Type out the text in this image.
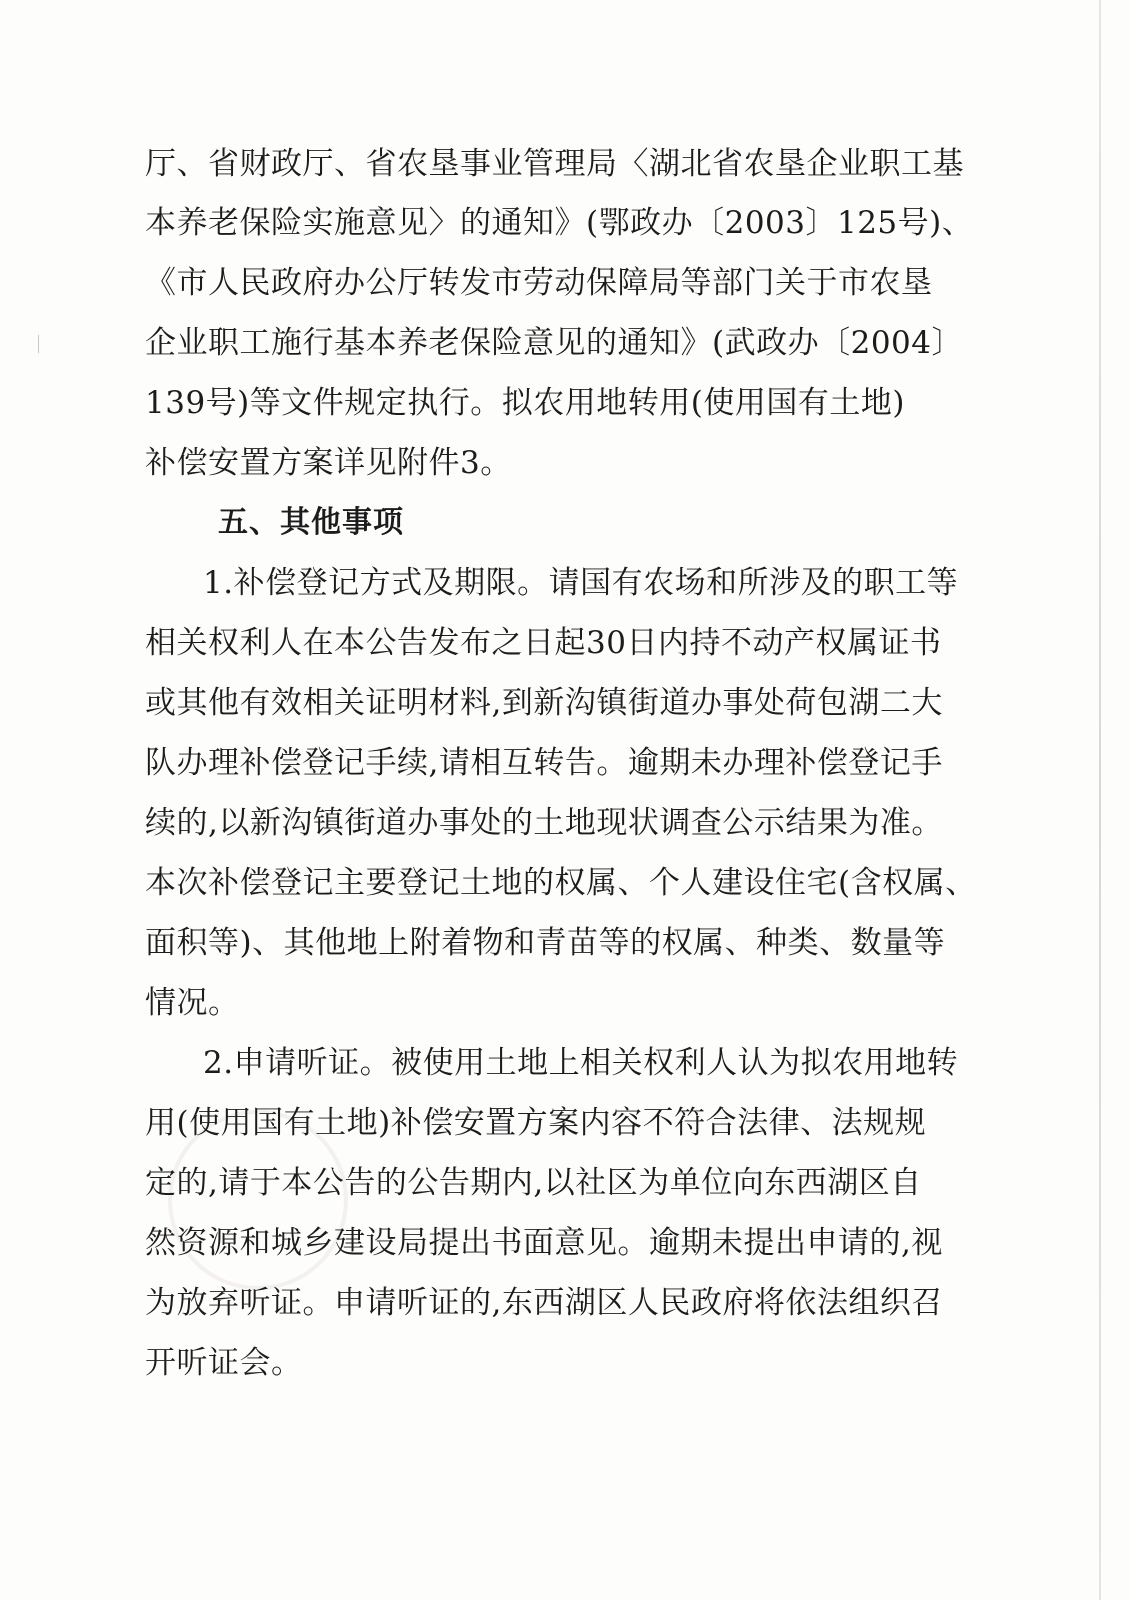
厅、省财政厅、省农垦事业管理局〈湖北省农垦企业职工基
本养老保险实施意见〉的通知》(鄂政办〔2003〕125号)、
《市人民政府办公厅转发市劳动保障局等部门关于市农垦
企业职工施行基本养老保险意见的通知》(武政办〔2004〕
139号)等文件规定执行。拟农用地转用(使用国有土地)
补偿安置方案详见附件3。
五、其他事项
1.补偿登记方式及期限。请国有农场和所涉及的职工等
相关权利人在本公告发布之日起30日内持不动产权属证书
或其他有效相关证明材料,到新沟镇街道办事处荷包湖二大
队办理补偿登记手续,请相互转告。逾期未办理补偿登记手
续的,以新沟镇街道办事处的土地现状调查公示结果为准。
本次补偿登记主要登记土地的权属、个人建设住宅(含权属、
面积等)、其他地上附着物和青苗等的权属、种类、数量等
情况。
2.申请听证。被使用土地上相关权利人认为拟农用地转
用(使用国有土地)补偿安置方案内容不符合法律、法规规
定的,请于本公告的公告期内,以社区为单位向东西湖区自
然资源和城乡建设局提出书面意见。逾期未提出申请的,视
为放弃听证。申请听证的,东西湖区人民政府将依法组织召
开听证会。
